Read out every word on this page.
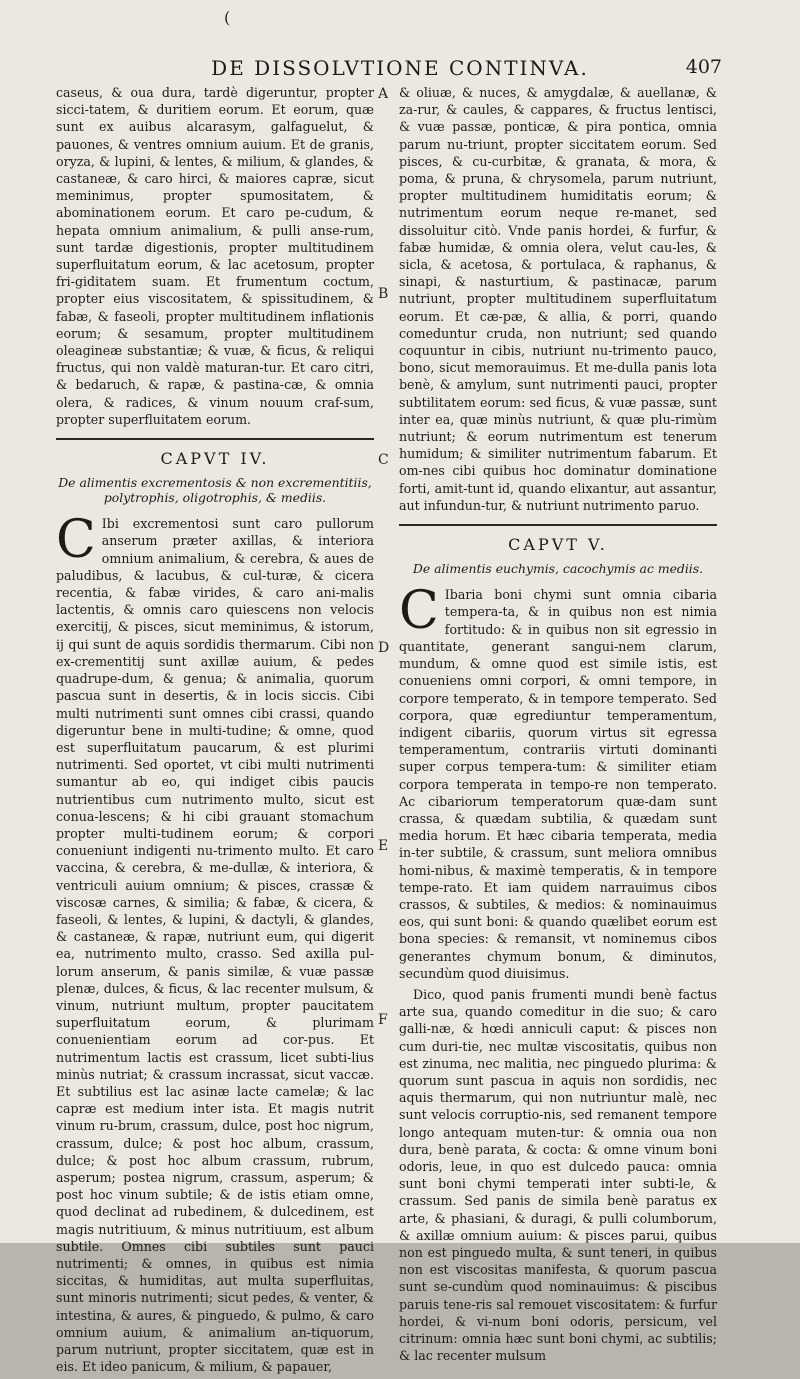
(
DE DISSOLVTIONE CONTINVA.	407
A
B
C
D
E
F

caseus, & oua dura, tardè digeruntur, propter sicci-tatem, & duritiem eorum. Et eorum, quæ sunt ex auibus alcarasym, galfaguelut, & pauones, & ventres omnium auium. Et de granis, oryza, & lupini, & lentes, & milium, & glandes, & castaneæ, & caro hirci, & maiores capræ, sicut meminimus, propter spumositatem, & abominationem eorum. Et caro pe-cudum, & hepata omnium animalium, & pulli anse-rum, sunt tardæ digestionis, propter multitudinem superfluitatum eorum, & lac acetosum, propter fri-giditatem suam. Et frumentum coctum, propter eius viscositatem, & spissitudinem, & fabæ, & faseoli, propter multitudinem inflationis eorum; & sesamum, propter multitudinem oleagineæ substantiæ; & vuæ, & ficus, & reliqui fructus, qui non valdè maturan-tur. Et caro citri, & bedaruch, & rapæ, & pastina-cæ, & omnia olera, & radices, & vinum nouum craf-sum, propter superfluitatem eorum.

CAPVT IV.
De alimentis excrementosis & non excrementitiis, polytrophis, oligotrophis, & mediis.

C Ibi excrementosi sunt caro pullorum anserum præter axillas, & interiora omnium animalium, & cerebra, & aues de paludibus, & lacubus, & cul-turæ, & cicera recentia, & fabæ virides, & caro ani-malis lactentis, & omnis caro quiescens non velocis exercitij, & pisces, sicut meminimus, & istorum, ij qui sunt de aquis sordidis thermarum. Cibi non ex-crementitij sunt axillæ auium, & pedes quadrupe-dum, & genua; & animalia, quorum pascua sunt in desertis, & in locis siccis. Cibi multi nutrimenti sunt omnes cibi crassi, quando digeruntur bene in multi-tudine; & omne, quod est superfluitatum paucarum, & est plurimi nutrimenti. Sed oportet, vt cibi multi nutrimenti sumantur ab eo, qui indiget cibis paucis nutrientibus cum nutrimento multo, sicut est conua-lescens; & hi cibi grauant stomachum propter multi-tudinem eorum; & corpori conueniunt indigenti nu-trimento multo. Et caro vaccina, & cerebra, & me-dullæ, & interiora, & ventriculi auium omnium; & pisces, crassæ & viscosæ carnes, & similia; & fabæ, & cicera, & faseoli, & lentes, & lupini, & dactyli, & glandes, & castaneæ, & rapæ, nutriunt eum, qui digerit ea, nutrimento multo, crasso. Sed axilla pul-lorum anserum, & panis similæ, & vuæ passæ plenæ, dulces, & ficus, & lac recenter mulsum, & vinum, nutriunt multum, propter paucitatem superfluitatum eorum, & plurimam conuenientiam eorum ad cor-pus. Et nutrimentum lactis est crassum, licet subti-lius minùs nutriat; & crassum incrassat, sicut vaccæ. Et subtilius est lac asinæ lacte camelæ; & lac capræ est medium inter ista. Et magis nutrit vinum ru-brum, crassum, dulce, post hoc nigrum, crassum, dulce; & post hoc album, crassum, dulce; & post hoc album crassum, rubrum, asperum; postea nigrum, crassum, asperum; & post hoc vinum subtile; & de istis etiam omne, quod declinat ad rubedinem, & dulcedinem, est magis nutritiuum, & minus nutritiuum, est album subtile. Omnes cibi subtiles sunt pauci nutrimenti; & omnes, in quibus est nimia siccitas, & humiditas, aut multa superfluitas, sunt minoris nutrimenti; sicut pedes, & venter, & intestina, & aures, & pinguedo, & pulmo, & caro omnium auium, & animalium an-tiquorum, parum nutriunt, propter siccitatem, quæ est in eis. Et ideo panicum, & milium, & papauer,

& oliuæ, & nuces, & amygdalæ, & auellanæ, & za-rur, & caules, & cappares, & fructus lentisci, & vuæ passæ, ponticæ, & pira pontica, omnia parum nu-triunt, propter siccitatem eorum. Sed pisces, & cu-curbitæ, & granata, & mora, & poma, & pruna, & chrysomela, parum nutriunt, propter multitudinem humiditatis eorum; & nutrimentum eorum neque re-manet, sed dissoluitur citò. Vnde panis hordei, & furfur, & fabæ humidæ, & omnia olera, velut cau-les, & sicla, & acetosa, & portulaca, & raphanus, & sinapi, & nasturtium, & pastinacæ, parum nutriunt, propter multitudinem superfluitatum eorum. Et cæ-pæ, & allia, & porri, quando comeduntur cruda, non nutriunt; sed quando coquuntur in cibis, nutriunt nu-trimento pauco, bono, sicut memorauimus. Et me-dulla panis lota benè, & amylum, sunt nutrimenti pauci, propter subtilitatem eorum: sed ficus, & vuæ passæ, sunt inter ea, quæ minùs nutriunt, & quæ plu-rimùm nutriunt; & eorum nutrimentum est tenerum humidum; & similiter nutrimentum fabarum. Et om-nes cibi quibus hoc dominatur dominatione forti, amit-tunt id, quando elixantur, aut assantur, aut infundun-tur, & nutriunt nutrimento paruo.

CAPVT V.
De alimentis euchymis, cacochymis ac mediis.

C Ibaria boni chymi sunt omnia cibaria tempera-ta, & in quibus non est nimia fortitudo: & in quibus non sit egressio in quantitate, generant sangui-nem clarum, mundum, & omne quod est simile istis, est conueniens omni corpori, & omni tempore, in corpore temperato, & in tempore temperato. Sed corpora, quæ egrediuntur temperamentum, indigent cibariis, quorum virtus sit egressa temperamentum, contrariis virtuti dominanti super corpus tempera-tum: & similiter etiam corpora temperata in tempo-re non temperato. Ac cibariorum temperatorum quæ-dam sunt crassa, & quædam subtilia, & quædam sunt media horum. Et hæc cibaria temperata, media in-ter subtile, & crassum, sunt meliora omnibus homi-nibus, & maximè temperatis, & in tempore tempe-rato. Et iam quidem narrauimus cibos crassos, & subtiles, & medios: & nominauimus eos, qui sunt boni: & quando quælibet eorum est bona species: & remansit, vt nominemus cibos generantes chymum bonum, & diminutos, secundùm quod diuisimus.

Dico, quod panis frumenti mundi benè factus arte sua, quando comeditur in die suo; & caro galli-næ, & hœdi anniculi caput: & pisces non cum duri-tie, nec multæ viscositatis, quibus non est zinuma, nec malitia, nec pinguedo plurima: & quorum sunt pascua in aquis non sordidis, nec aquis thermarum, qui non nutriuntur malè, nec sunt velocis corruptio-nis, sed remanent tempore longo antequam muten-tur: & omnia oua non dura, benè parata, & cocta: & omne vinum boni odoris, leue, in quo est dulcedo pauca: omnia sunt boni chymi temperati inter subti-le, & crassum. Sed panis de simila benè paratus ex arte, & phasiani, & duragi, & pulli columborum, & axillæ omnium auium: & pisces parui, quibus non est pinguedo multa, & sunt teneri, in quibus non est viscositas manifesta, & quorum pascua sunt se-cundùm quod nominauimus: & piscibus paruis tene-ris sal remouet viscositatem: & furfur hordei, & vi-num boni odoris, persicum, vel citrinum: omnia hæc sunt boni chymi, ac subtilis; & lac recenter mulsum
